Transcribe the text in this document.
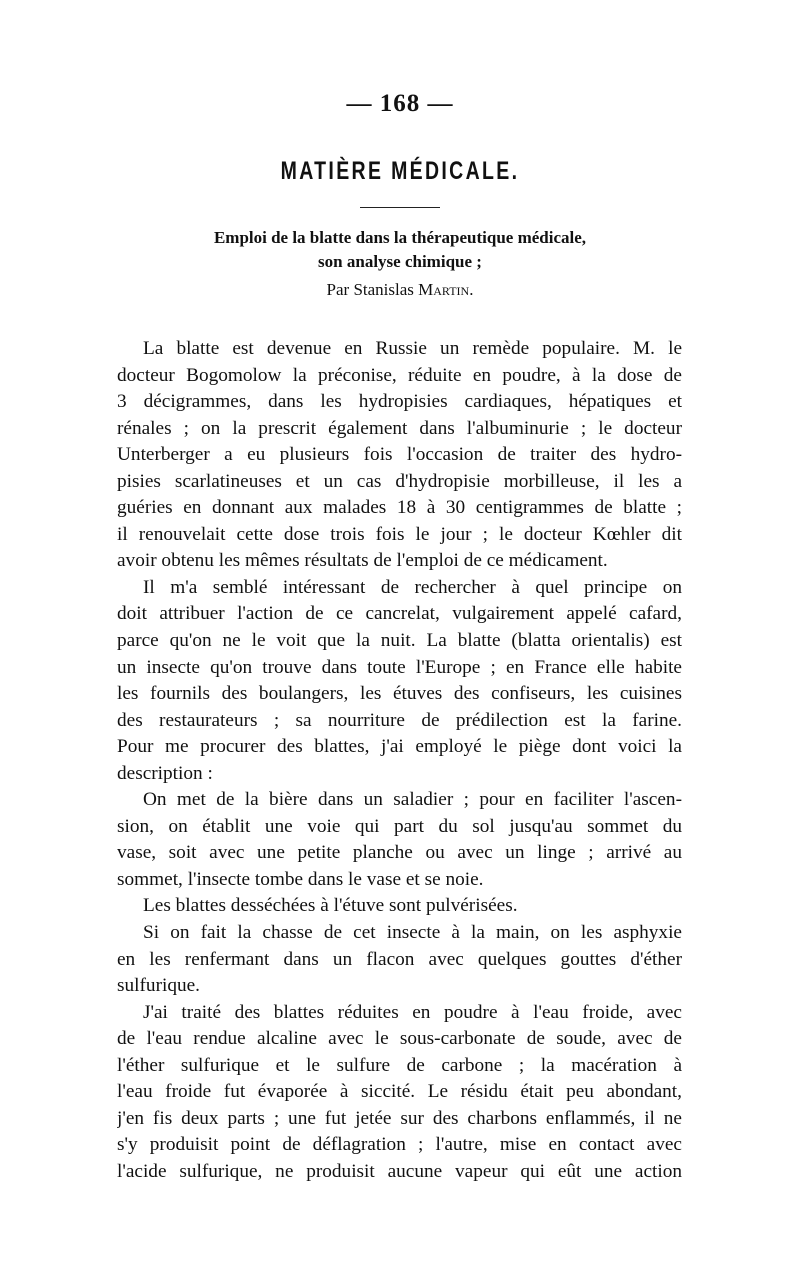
— 168 —
MATIÈRE MÉDICALE.
Emploi de la blatte dans la thérapeutique médicale,
son analyse chimique ;
Par Stanislas Martin.
La blatte est devenue en Russie un remède populaire. M. le
docteur Bogomolow la préconise, réduite en poudre, à la dose de
3 décigrammes, dans les hydropisies cardiaques, hépatiques et
rénales ; on la prescrit également dans l'albuminurie ; le docteur
Unterberger a eu plusieurs fois l'occasion de traiter des hydro-
pisies scarlatineuses et un cas d'hydropisie morbilleuse, il les a
guéries en donnant aux malades 18 à 30 centigrammes de blatte ;
il renouvelait cette dose trois fois le jour ; le docteur Kœhler dit
avoir obtenu les mêmes résultats de l'emploi de ce médicament.
Il m'a semblé intéressant de rechercher à quel principe on
doit attribuer l'action de ce cancrelat, vulgairement appelé cafard,
parce qu'on ne le voit que la nuit. La blatte (blatta orientalis) est
un insecte qu'on trouve dans toute l'Europe ; en France elle habite
les fournils des boulangers, les étuves des confiseurs, les cuisines
des restaurateurs ; sa nourriture de prédilection est la farine.
Pour me procurer des blattes, j'ai employé le piège dont voici la
description :
On met de la bière dans un saladier ; pour en faciliter l'ascen-
sion, on établit une voie qui part du sol jusqu'au sommet du
vase, soit avec une petite planche ou avec un linge ; arrivé au
sommet, l'insecte tombe dans le vase et se noie.
Les blattes desséchées à l'étuve sont pulvérisées.
Si on fait la chasse de cet insecte à la main, on les asphyxie
en les renfermant dans un flacon avec quelques gouttes d'éther
sulfurique.
J'ai traité des blattes réduites en poudre à l'eau froide, avec
de l'eau rendue alcaline avec le sous-carbonate de soude, avec de
l'éther sulfurique et le sulfure de carbone ; la macération à
l'eau froide fut évaporée à siccité. Le résidu était peu abondant,
j'en fis deux parts ; une fut jetée sur des charbons enflammés, il ne
s'y produisit point de déflagration ; l'autre, mise en contact avec
l'acide sulfurique, ne produisit aucune vapeur qui eût une action
